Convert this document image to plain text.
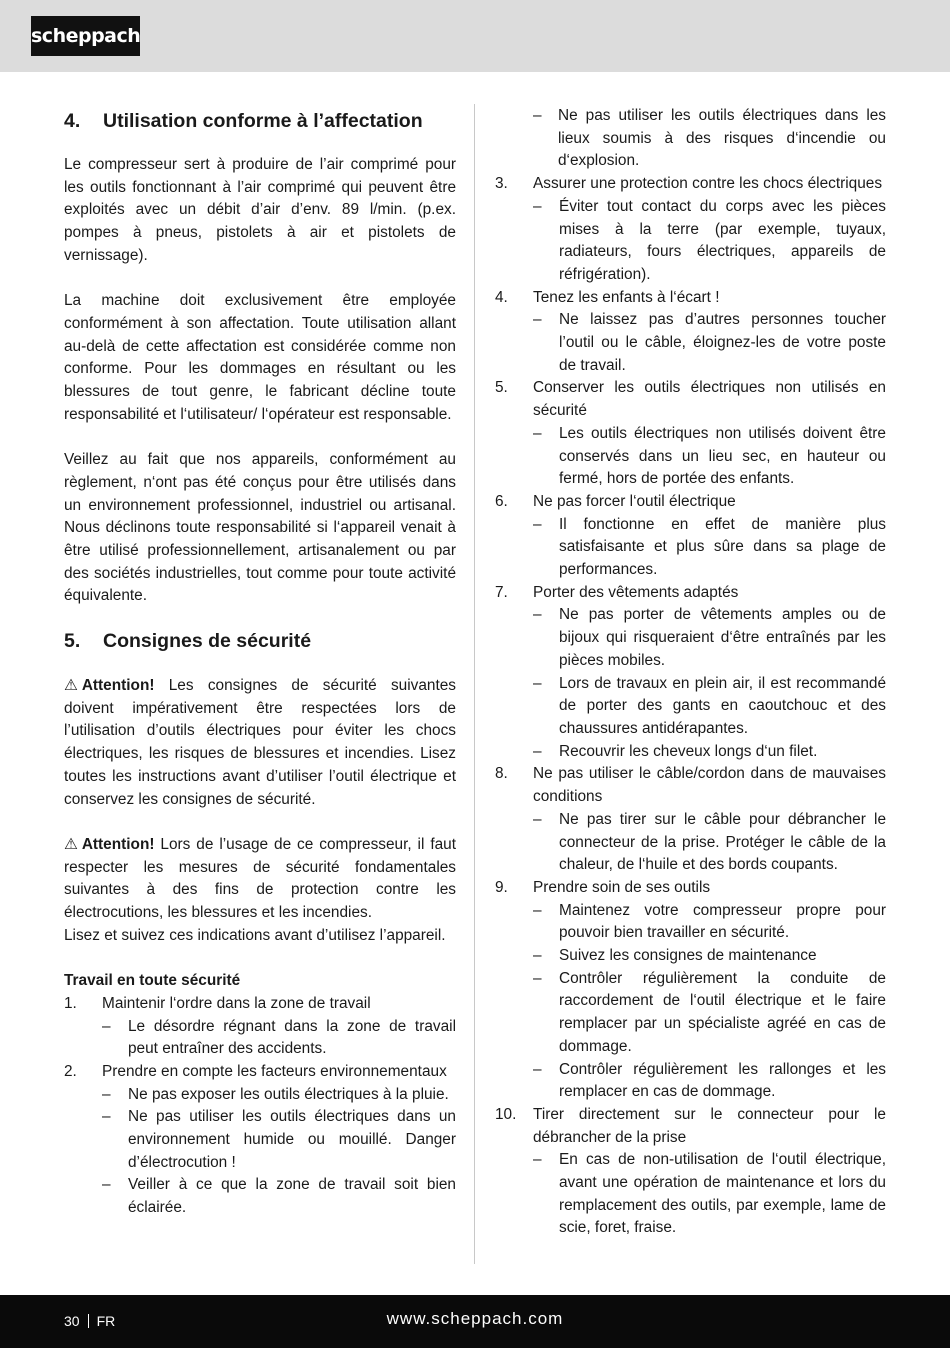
scheppach
4.	Utilisation conforme à l’affectation

Le compresseur sert à produire de l’air comprimé pour les outils fonctionnant à l’air comprimé qui peuvent être exploités avec un débit d’air d’env. 89 l/min. (p.ex. pompes à pneus, pistolets à air et pistolets de vernissage).

La machine doit exclusivement être employée conformément à son affectation. Toute utilisation allant au-delà de cette affectation est considérée comme non conforme. Pour les dommages en résultant ou les blessures de tout genre, le fabricant décline toute responsabilité et l‘utilisateur/ l‘opérateur est responsable.

Veillez au fait que nos appareils, conformément au règlement, n‘ont pas été conçus pour être utilisés dans un environnement professionnel, industriel ou artisanal. Nous déclinons toute responsabilité si l‘appareil venait à être utilisé professionnellement, artisanalement ou par des sociétés industrielles, tout comme pour toute activité équivalente.

5.	Consignes de sécurité

⚠ Attention! Les consignes de sécurité suivantes doivent impérativement être respectées lors de l’utilisation d’outils électriques pour éviter les chocs électriques, les risques de blessures et incendies. Lisez toutes les instructions avant d’utiliser l’outil électrique et conservez les consignes de sécurité.

⚠ Attention! Lors de l’usage de ce compresseur, il faut respecter les mesures de sécurité fondamentales suivantes à des fins de protection contre les électrocutions, les blessures et les incendies.

Lisez et suivez ces indications avant d’utilisez l’appareil.

Travail en toute sécurité
1.	Maintenir l‘ordre dans la zone de travail
–	Le désordre régnant dans la zone de travail peut entraîner des accidents.
2.	Prendre en compte les facteurs environnementaux
–	Ne pas exposer les outils électriques à la pluie.
–	Ne pas utiliser les outils électriques dans un environnement humide ou mouillé. Danger d’électrocution !
–	Veiller à ce que la zone de travail soit bien éclairée.
–	Ne pas utiliser les outils électriques dans les lieux soumis à des risques d‘incendie ou d‘explosion.
3.	Assurer une protection contre les chocs électriques
–	Éviter tout contact du corps avec les pièces mises à la terre (par exemple, tuyaux, radiateurs, fours électriques, appareils de réfrigération).
4.	Tenez les enfants à l‘écart !
–	Ne laissez pas d’autres personnes toucher l’outil ou le câble, éloignez-les de votre poste de travail.
5.	Conserver les outils électriques non utilisés en sécurité
–	Les outils électriques non utilisés doivent être conservés dans un lieu sec, en hauteur ou fermé, hors de portée des enfants.
6.	Ne pas forcer l‘outil électrique
–	Il fonctionne en effet de manière plus satisfaisante et plus sûre dans sa plage de performances.
7.	Porter des vêtements adaptés
–	Ne pas porter de vêtements amples ou de bijoux qui risqueraient d‘être entraînés par les pièces mobiles.
–	Lors de travaux en plein air, il est recommandé de porter des gants en caoutchouc et des chaussures antidérapantes.
–	Recouvrir les cheveux longs d‘un filet.
8.	Ne pas utiliser le câble/cordon dans de mauvaises conditions
–	Ne pas tirer sur le câble pour débrancher le connecteur de la prise. Protéger le câble de la chaleur, de l‘huile et des bords coupants.
9.	Prendre soin de ses outils
–	Maintenez votre compresseur propre pour pouvoir bien travailler en sécurité.
–	Suivez les consignes de maintenance
–	Contrôler régulièrement la conduite de raccordement de l‘outil électrique et le faire remplacer par un spécialiste agréé en cas de dommage.
–	Contrôler régulièrement les rallonges et les remplacer en cas de dommage.
10.	Tirer directement sur le connecteur pour le débrancher de la prise
–	En cas de non-utilisation de l‘outil électrique, avant une opération de maintenance et lors du remplacement des outils, par exemple, lame de scie, foret, fraise.
30 FR	www.scheppach.com
